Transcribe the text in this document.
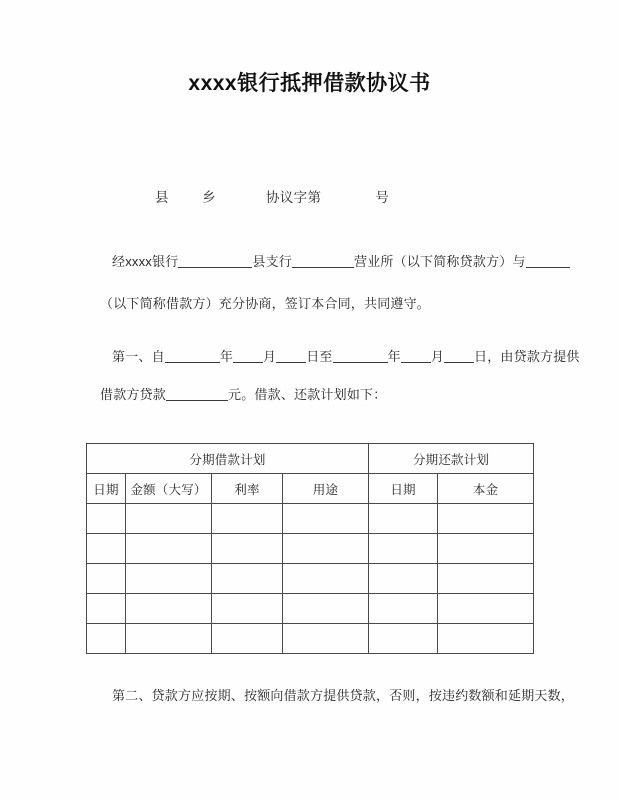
xxxx银行抵押借款协议书
县        乡            协议字第             号
经xxxx银行	县支行	营业所（以下简称贷款方）与
（以下简称借款方）充分协商，签订本合同，共同遵守。
第一、自	年 月 日至	年 月 日，由贷款方提供
借款方贷款	元。借款、还款计划如下：
分期借款计划				分期还款计划	
日期	金额（大写）	利率	用途	日期	本金

第二、贷款方应按期、按额向借款方提供贷款，否则，按违约数额和延期天数，
